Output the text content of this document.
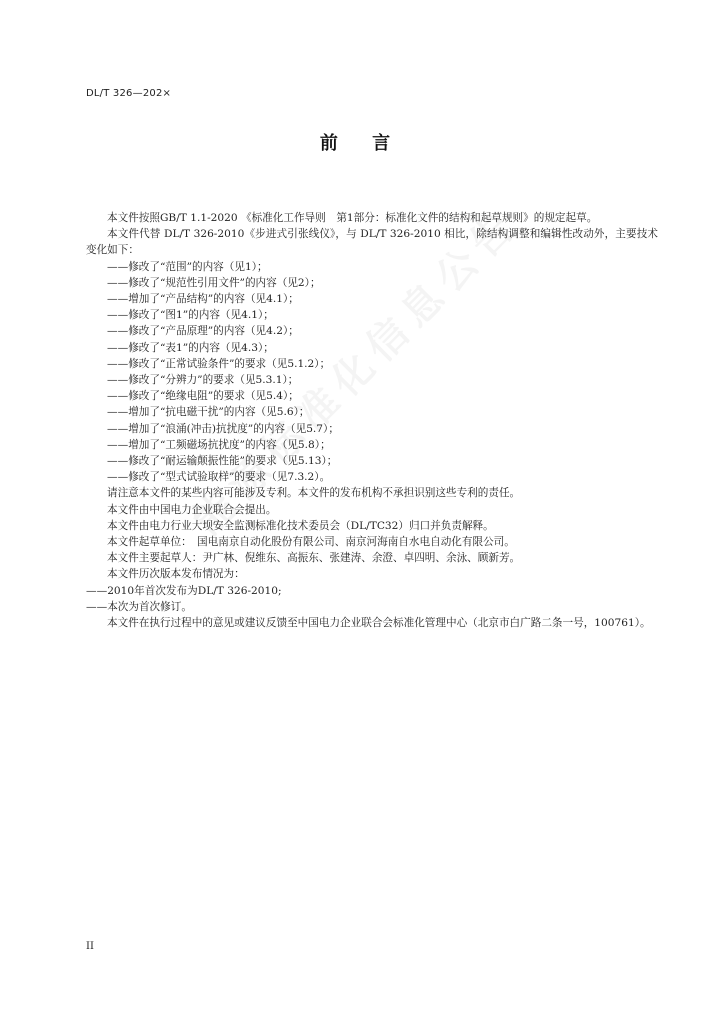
DL/T 326—202×
前 言

本文件按照GB/T 1.1-2020 《标准化工作导则　第1部分：标准化文件的结构和起草规则》的规定起草。

本文件代替 DL/T 326-2010《步进式引张线仪》，与 DL/T 326-2010 相比，除结构调整和编辑性改动外，主要技术变化如下：

——修改了“范围”的内容（见1）；

——修改了“规范性引用文件”的内容（见2）；

——增加了“产品结构”的内容（见4.1）；

——修改了“图1”的内容（见4.1）；

——修改了“产品原理”的内容（见4.2）；

——修改了“表1”的内容（见4.3）；

——修改了“正常试验条件”的要求（见5.1.2）；

——修改了“分辨力”的要求（见5.3.1）；

——修改了“绝缘电阻”的要求（见5.4）；

——增加了“抗电磁干扰”的内容（见5.6）；

——增加了“浪涌(冲击)抗扰度”的内容（见5.7）；

——增加了“工频磁场抗扰度”的内容（见5.8）；

——修改了“耐运输颠振性能”的要求（见5.13）；

——修改了“型式试验取样”的要求（见7.3.2）。

请注意本文件的某些内容可能涉及专利。本文件的发布机构不承担识别这些专利的责任。

本文件由中国电力企业联合会提出。

本文件由电力行业大坝安全监测标准化技术委员会（DL/TC32）归口并负责解释。

本文件起草单位：　国电南京自动化股份有限公司、南京河海南自水电自动化有限公司。

本文件主要起草人：尹广林、倪维东、高振东、张建涛、余澄、卓四明、余泳、顾新芳。

本文件历次版本发布情况为：

——2010年首次发布为DL/T 326-2010;

——本次为首次修订。

本文件在执行过程中的意见或建议反馈至中国电力企业联合会标准化管理中心（北京市白广路二条一号，100761）。

II
